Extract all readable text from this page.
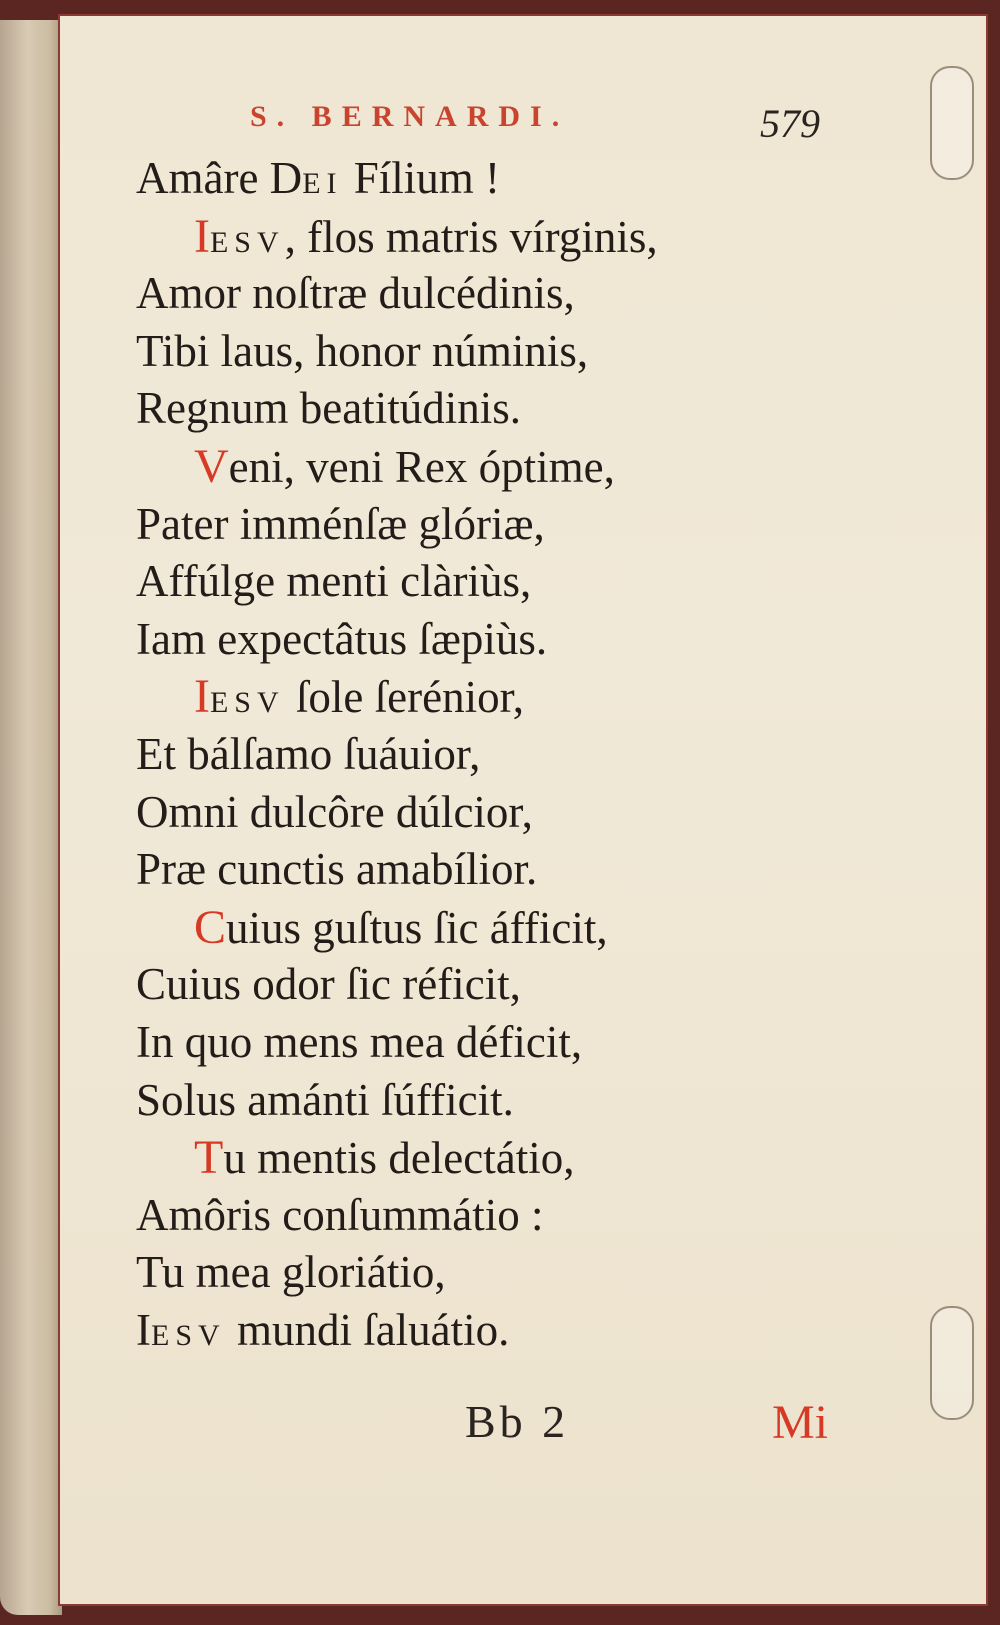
S. BERNARDI.	579
Amâre DEI Fílium !
IESV, flos matris vírginis,
Amor noſtræ dulcédinis,
Tibi laus, honor núminis,
Regnum beatitúdinis.
Veni, veni Rex óptime,
Pater imménſæ glóriæ,
Affúlge menti clàriùs,
Iam expectâtus ſæpiùs.
IESV ſole ſerénior,
Et bálſamo ſuáuior,
Omni dulcôre dúlcior,
Præ cunctis amabílior.
Cuius guſtus ſic áfficit,
Cuius odor ſic réficit,
In quo mens mea déficit,
Solus amánti ſúfficit.
Tu mentis delectátio,
Amôris conſummátio :
Tu mea gloriátio,
IESV mundi ſaluátio.
Bb 2	Mi
